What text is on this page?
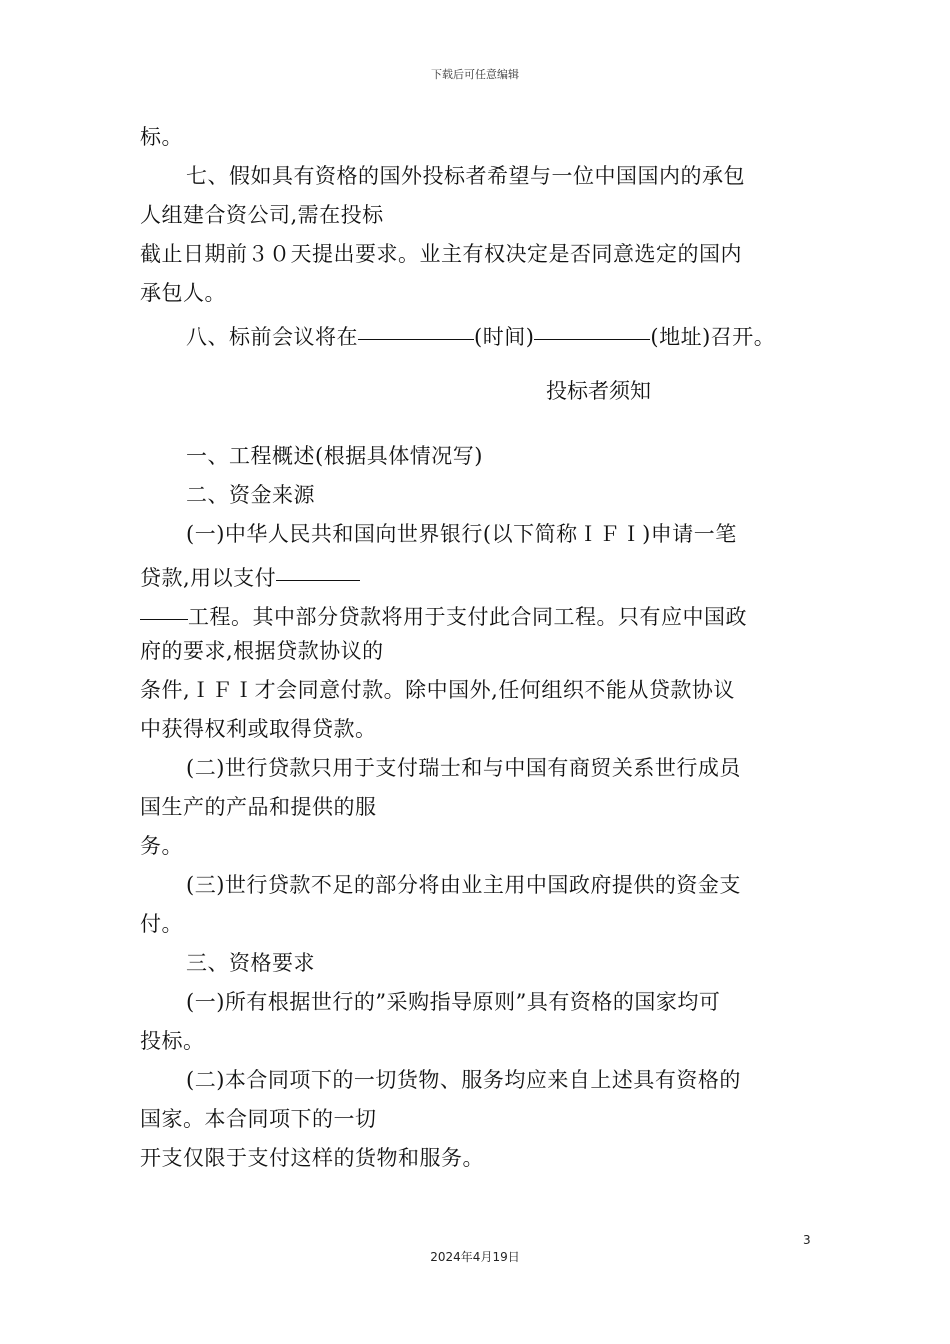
下载后可任意编辑
标。
七、假如具有资格的国外投标者希望与一位中国国内的承包
人组建合资公司,需在投标
截止日期前３０天提出要求。业主有权决定是否同意选定的国内
承包人。
八、标前会议将在	(时间)	(地址)召开。
投标者须知
一、工程概述(根据具体情况写)
二、资金来源
(一)中华人民共和国向世界银行(以下简称ＩＦＩ)申请一笔
贷款,用以支付
工程。其中部分贷款将用于支付此合同工程。只有应中国政
府的要求,根据贷款协议的
条件,ＩＦＩ才会同意付款。除中国外,任何组织不能从贷款协议
中获得权利或取得贷款。
(二)世行贷款只用于支付瑞士和与中国有商贸关系世行成员
国生产的产品和提供的服
务。
(三)世行贷款不足的部分将由业主用中国政府提供的资金支
付。
三、资格要求
(一)所有根据世行的”采购指导原则”具有资格的国家均可
投标。
(二)本合同项下的一切货物、服务均应来自上述具有资格的
国家。本合同项下的一切
开支仅限于支付这样的货物和服务。
3
2024年4月19日
